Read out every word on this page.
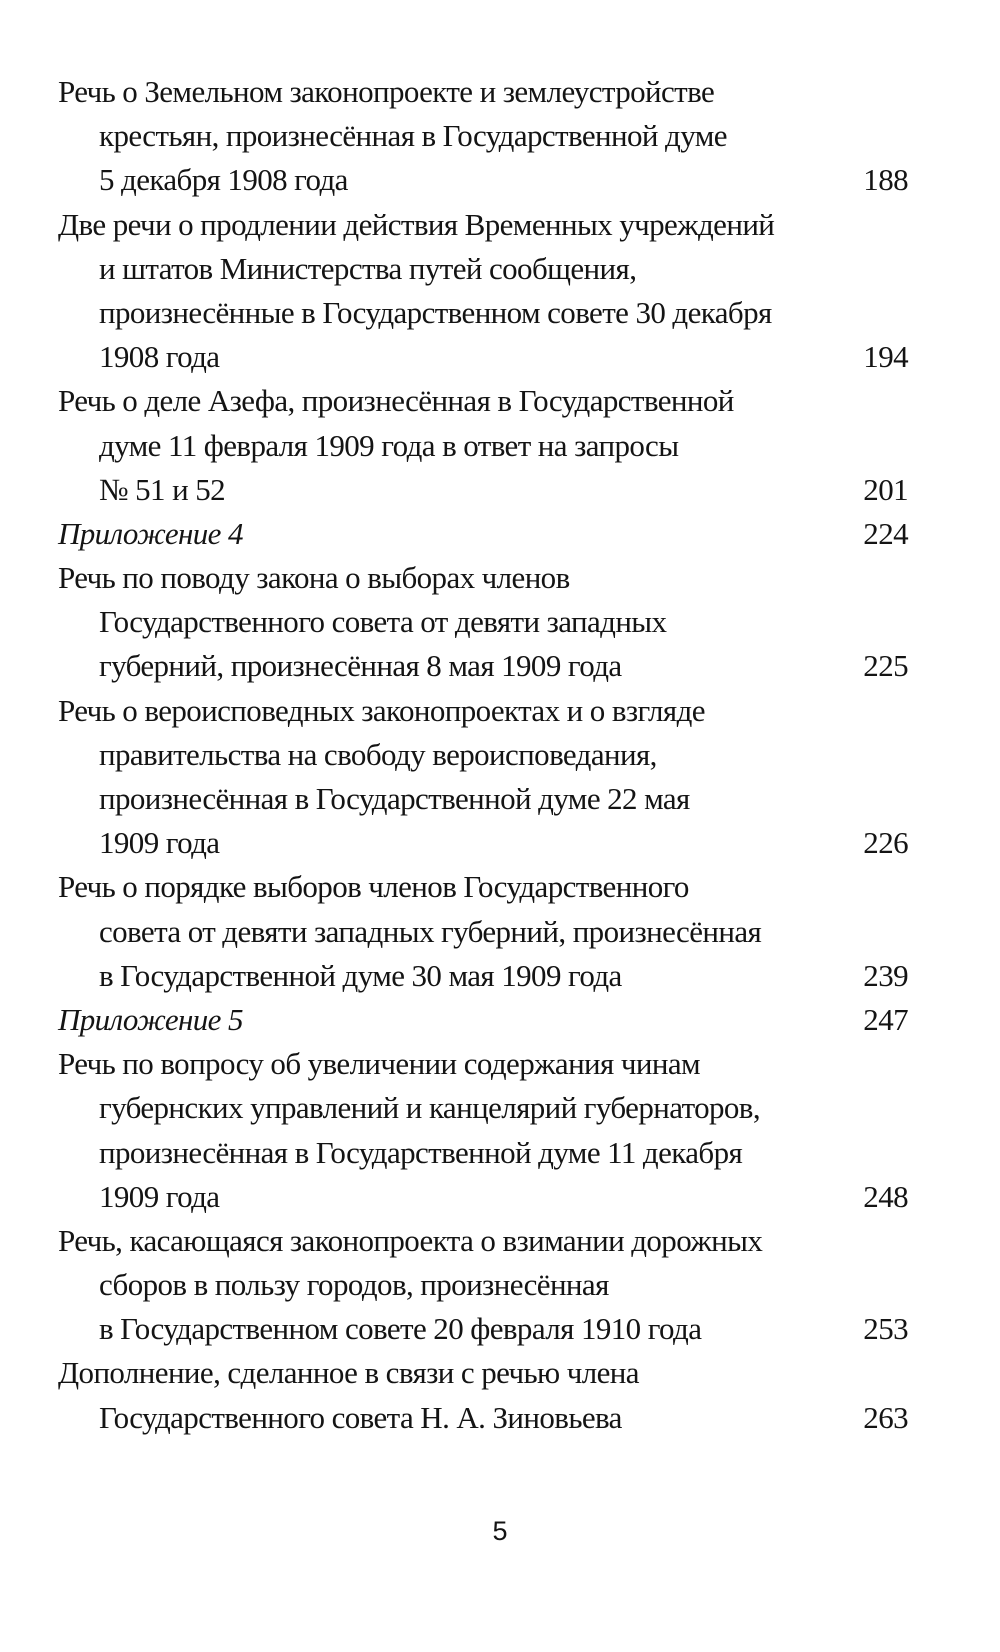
Речь о Земельном законопроекте и землеустройстве
крестьян, произнесённая в Государственной думе
5 декабря 1908 года	188
Две речи о продлении действия Временных учреждений
и штатов Министерства путей сообщения,
произнесённые в Государственном совете 30 декабря
1908 года	194
Речь о деле Азефа, произнесённая в Государственной
думе 11 февраля 1909 года в ответ на запросы
№ 51 и 52	201
Приложение 4	224
Речь по поводу закона о выборах членов
Государственного совета от девяти западных
губерний, произнесённая 8 мая 1909 года	225
Речь о вероисповедных законопроектах и о взгляде
правительства на свободу вероисповедания,
произнесённая в Государственной думе 22 мая
1909 года	226
Речь о порядке выборов членов Государственного
совета от девяти западных губерний, произнесённая
в Государственной думе 30 мая 1909 года	239
Приложение 5	247
Речь по вопросу об увеличении содержания чинам
губернских управлений и канцелярий губернаторов,
произнесённая в Государственной думе 11 декабря
1909 года	248
Речь, касающаяся законопроекта о взимании дорожных
сборов в пользу городов, произнесённая
в Государственном совете 20 февраля 1910 года	253
Дополнение, сделанное в связи с речью члена
Государственного совета Н. А. Зиновьева	263
5
